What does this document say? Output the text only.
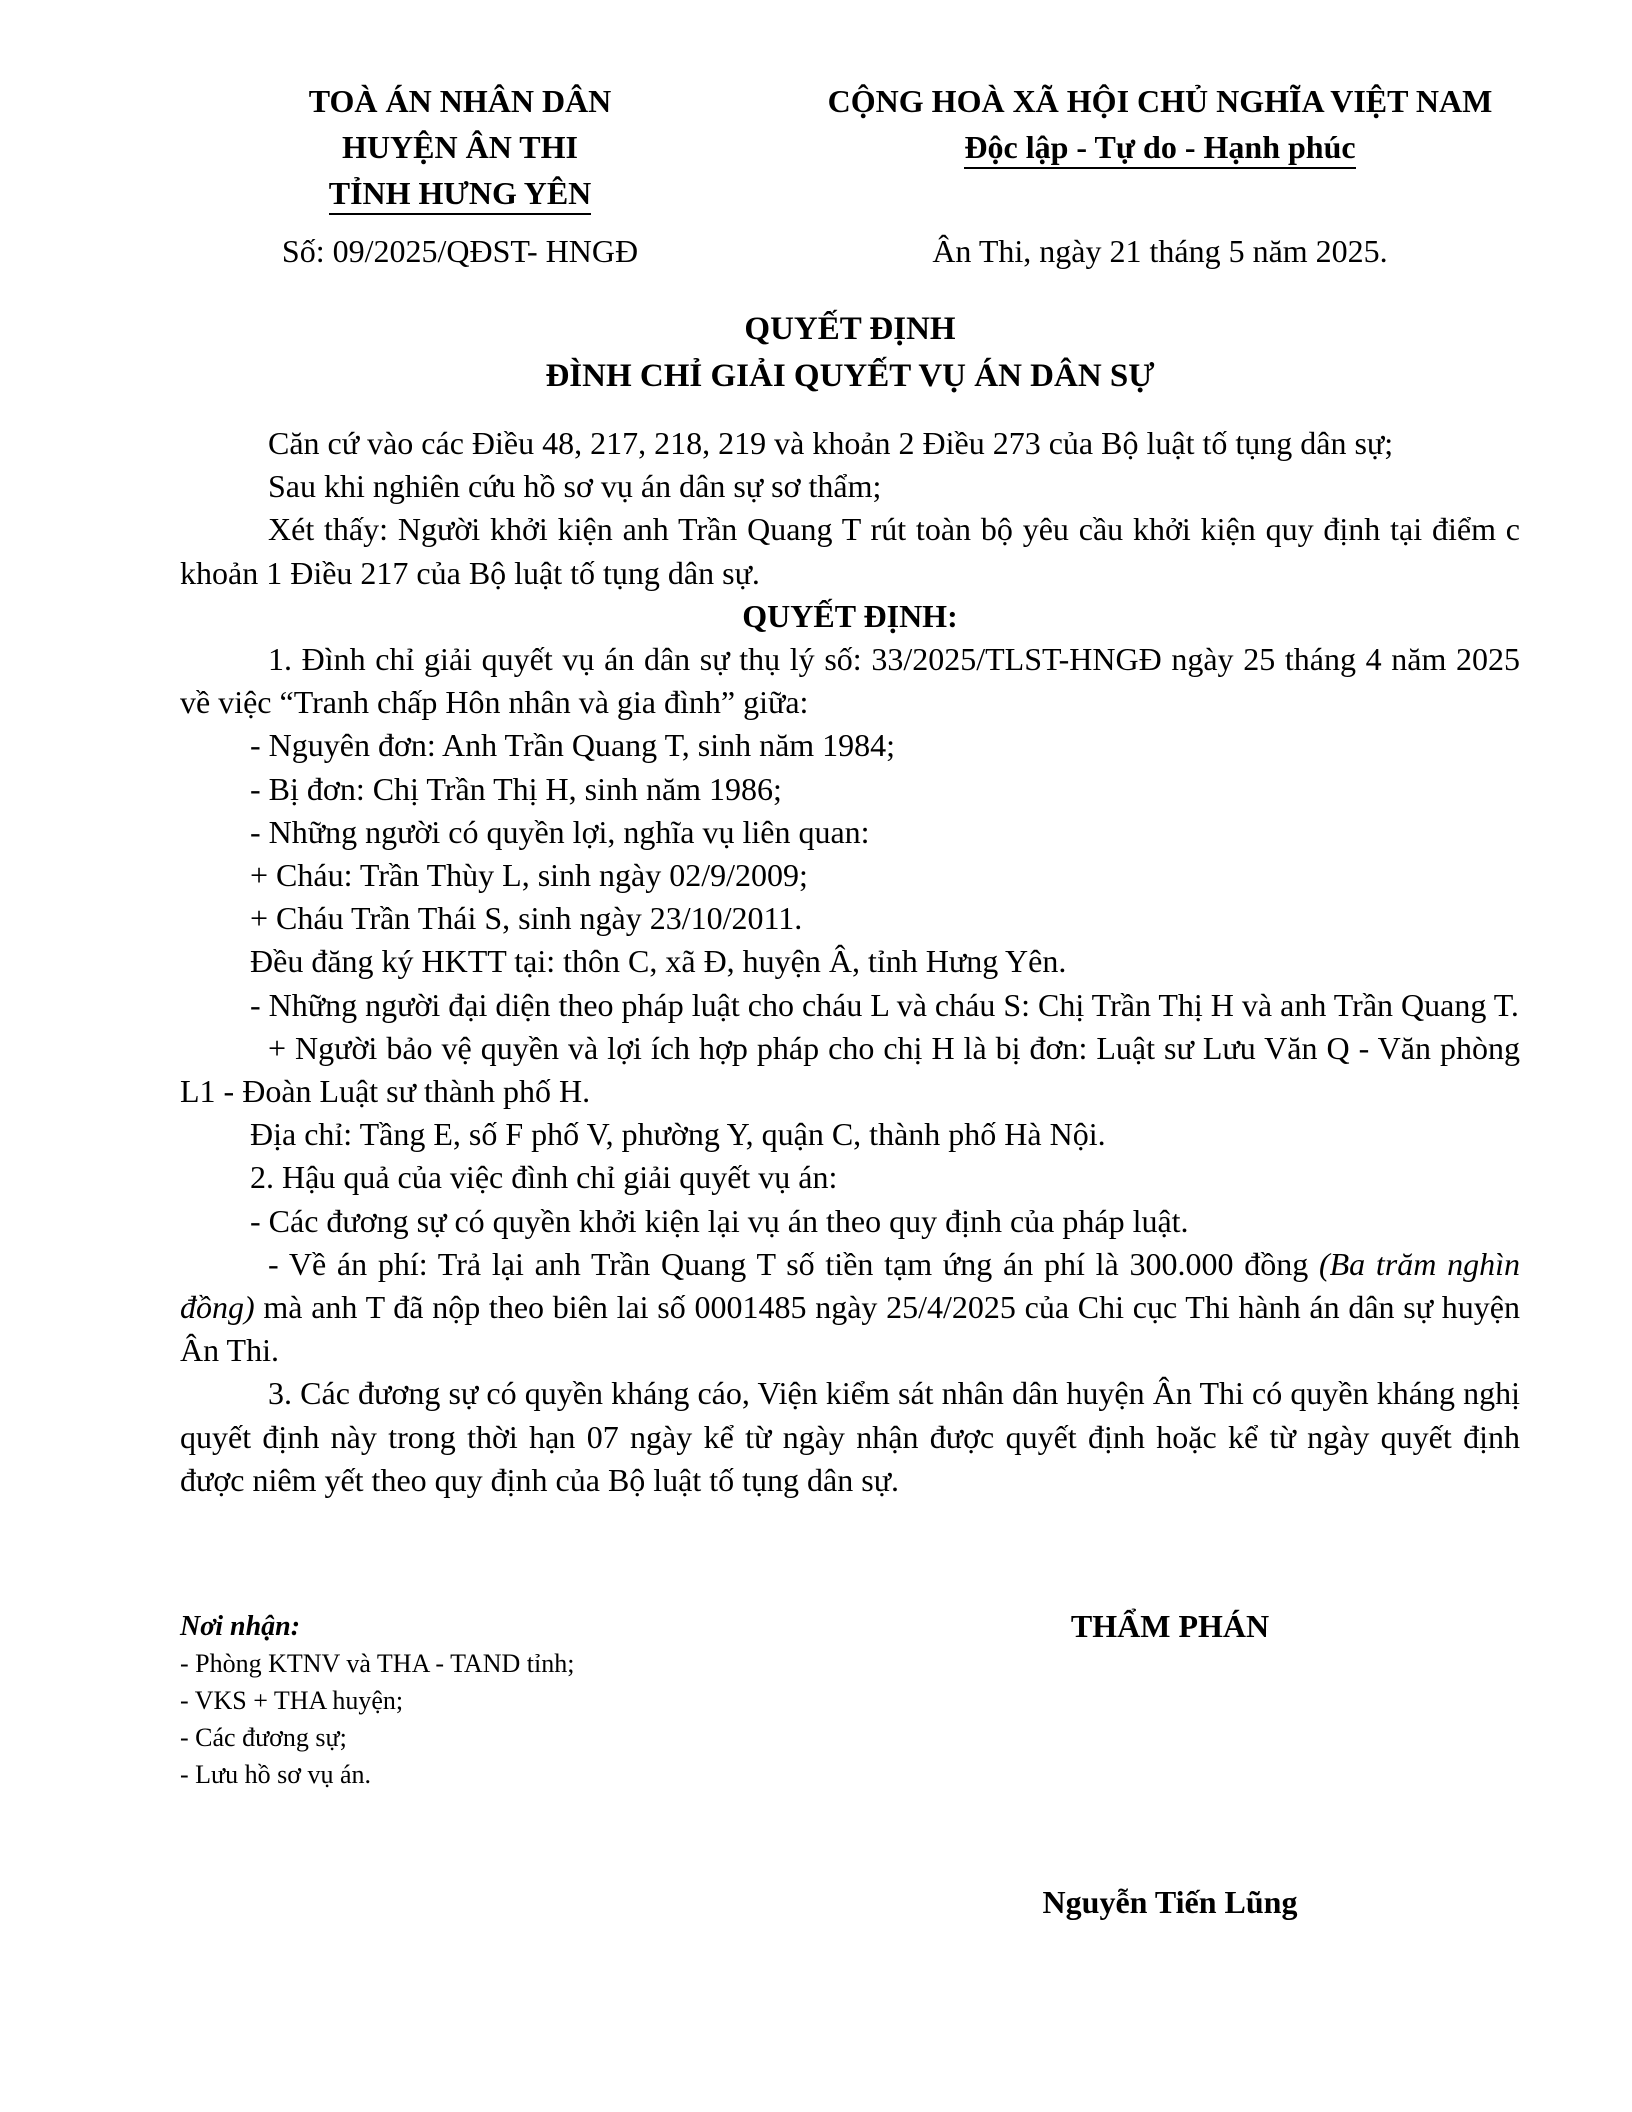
TOÀ ÁN NHÂN DÂN
HUYỆN ÂN THI
TỈNH HƯNG YÊN
CỘNG HOÀ XÃ HỘI CHỦ NGHĨA VIỆT NAM
Độc lập - Tự do - Hạnh phúc
Số: 09/2025/QĐST- HNGĐ	Ân Thi, ngày 21 tháng 5 năm 2025.
QUYẾT ĐỊNH
ĐÌNH CHỈ GIẢI QUYẾT VỤ ÁN DÂN SỰ

Căn cứ vào các Điều 48, 217, 218, 219 và khoản 2 Điều 273 của Bộ luật tố tụng dân sự;

Sau khi nghiên cứu hồ sơ vụ án dân sự sơ thẩm;

Xét thấy: Người khởi kiện anh Trần Quang T rút toàn bộ yêu cầu khởi kiện quy định tại điểm c khoản 1 Điều 217 của Bộ luật tố tụng dân sự.

QUYẾT ĐỊNH:

1. Đình chỉ giải quyết vụ án dân sự thụ lý số: 33/2025/TLST-HNGĐ ngày 25 tháng 4 năm 2025 về việc “Tranh chấp Hôn nhân và gia đình” giữa:

- Nguyên đơn: Anh Trần Quang T, sinh năm 1984;

- Bị đơn: Chị Trần Thị H, sinh năm 1986;

- Những người có quyền lợi, nghĩa vụ liên quan:

+ Cháu: Trần Thùy L, sinh ngày 02/9/2009;

+ Cháu Trần Thái S, sinh ngày 23/10/2011.

Đều đăng ký HKTT tại: thôn C, xã Đ, huyện Â, tỉnh Hưng Yên.

- Những người đại diện theo pháp luật cho cháu L và cháu S: Chị Trần Thị H và anh Trần Quang T.

+ Người bảo vệ quyền và lợi ích hợp pháp cho chị H là bị đơn: Luật sư Lưu Văn Q - Văn phòng L1 - Đoàn Luật sư thành phố H.

Địa chỉ: Tầng E, số F phố V, phường Y, quận C, thành phố Hà Nội.

2. Hậu quả của việc đình chỉ giải quyết vụ án:

- Các đương sự có quyền khởi kiện lại vụ án theo quy định của pháp luật.

- Về án phí: Trả lại anh Trần Quang T số tiền tạm ứng án phí là 300.000 đồng (Ba trăm nghìn đồng) mà anh T đã nộp theo biên lai số 0001485 ngày 25/4/2025 của Chi cục Thi hành án dân sự huyện Ân Thi.

3. Các đương sự có quyền kháng cáo, Viện kiểm sát nhân dân huyện Ân Thi có quyền kháng nghị quyết định này trong thời hạn 07 ngày kể từ ngày nhận được quyết định hoặc kể từ ngày quyết định được niêm yết theo quy định của Bộ luật tố tụng dân sự.

Nơi nhận:
- Phòng KTNV và THA - TAND tỉnh;
- VKS + THA huyện;
- Các đương sự;
- Lưu hồ sơ vụ án.
THẨM PHÁN
Nguyễn Tiến Lũng
